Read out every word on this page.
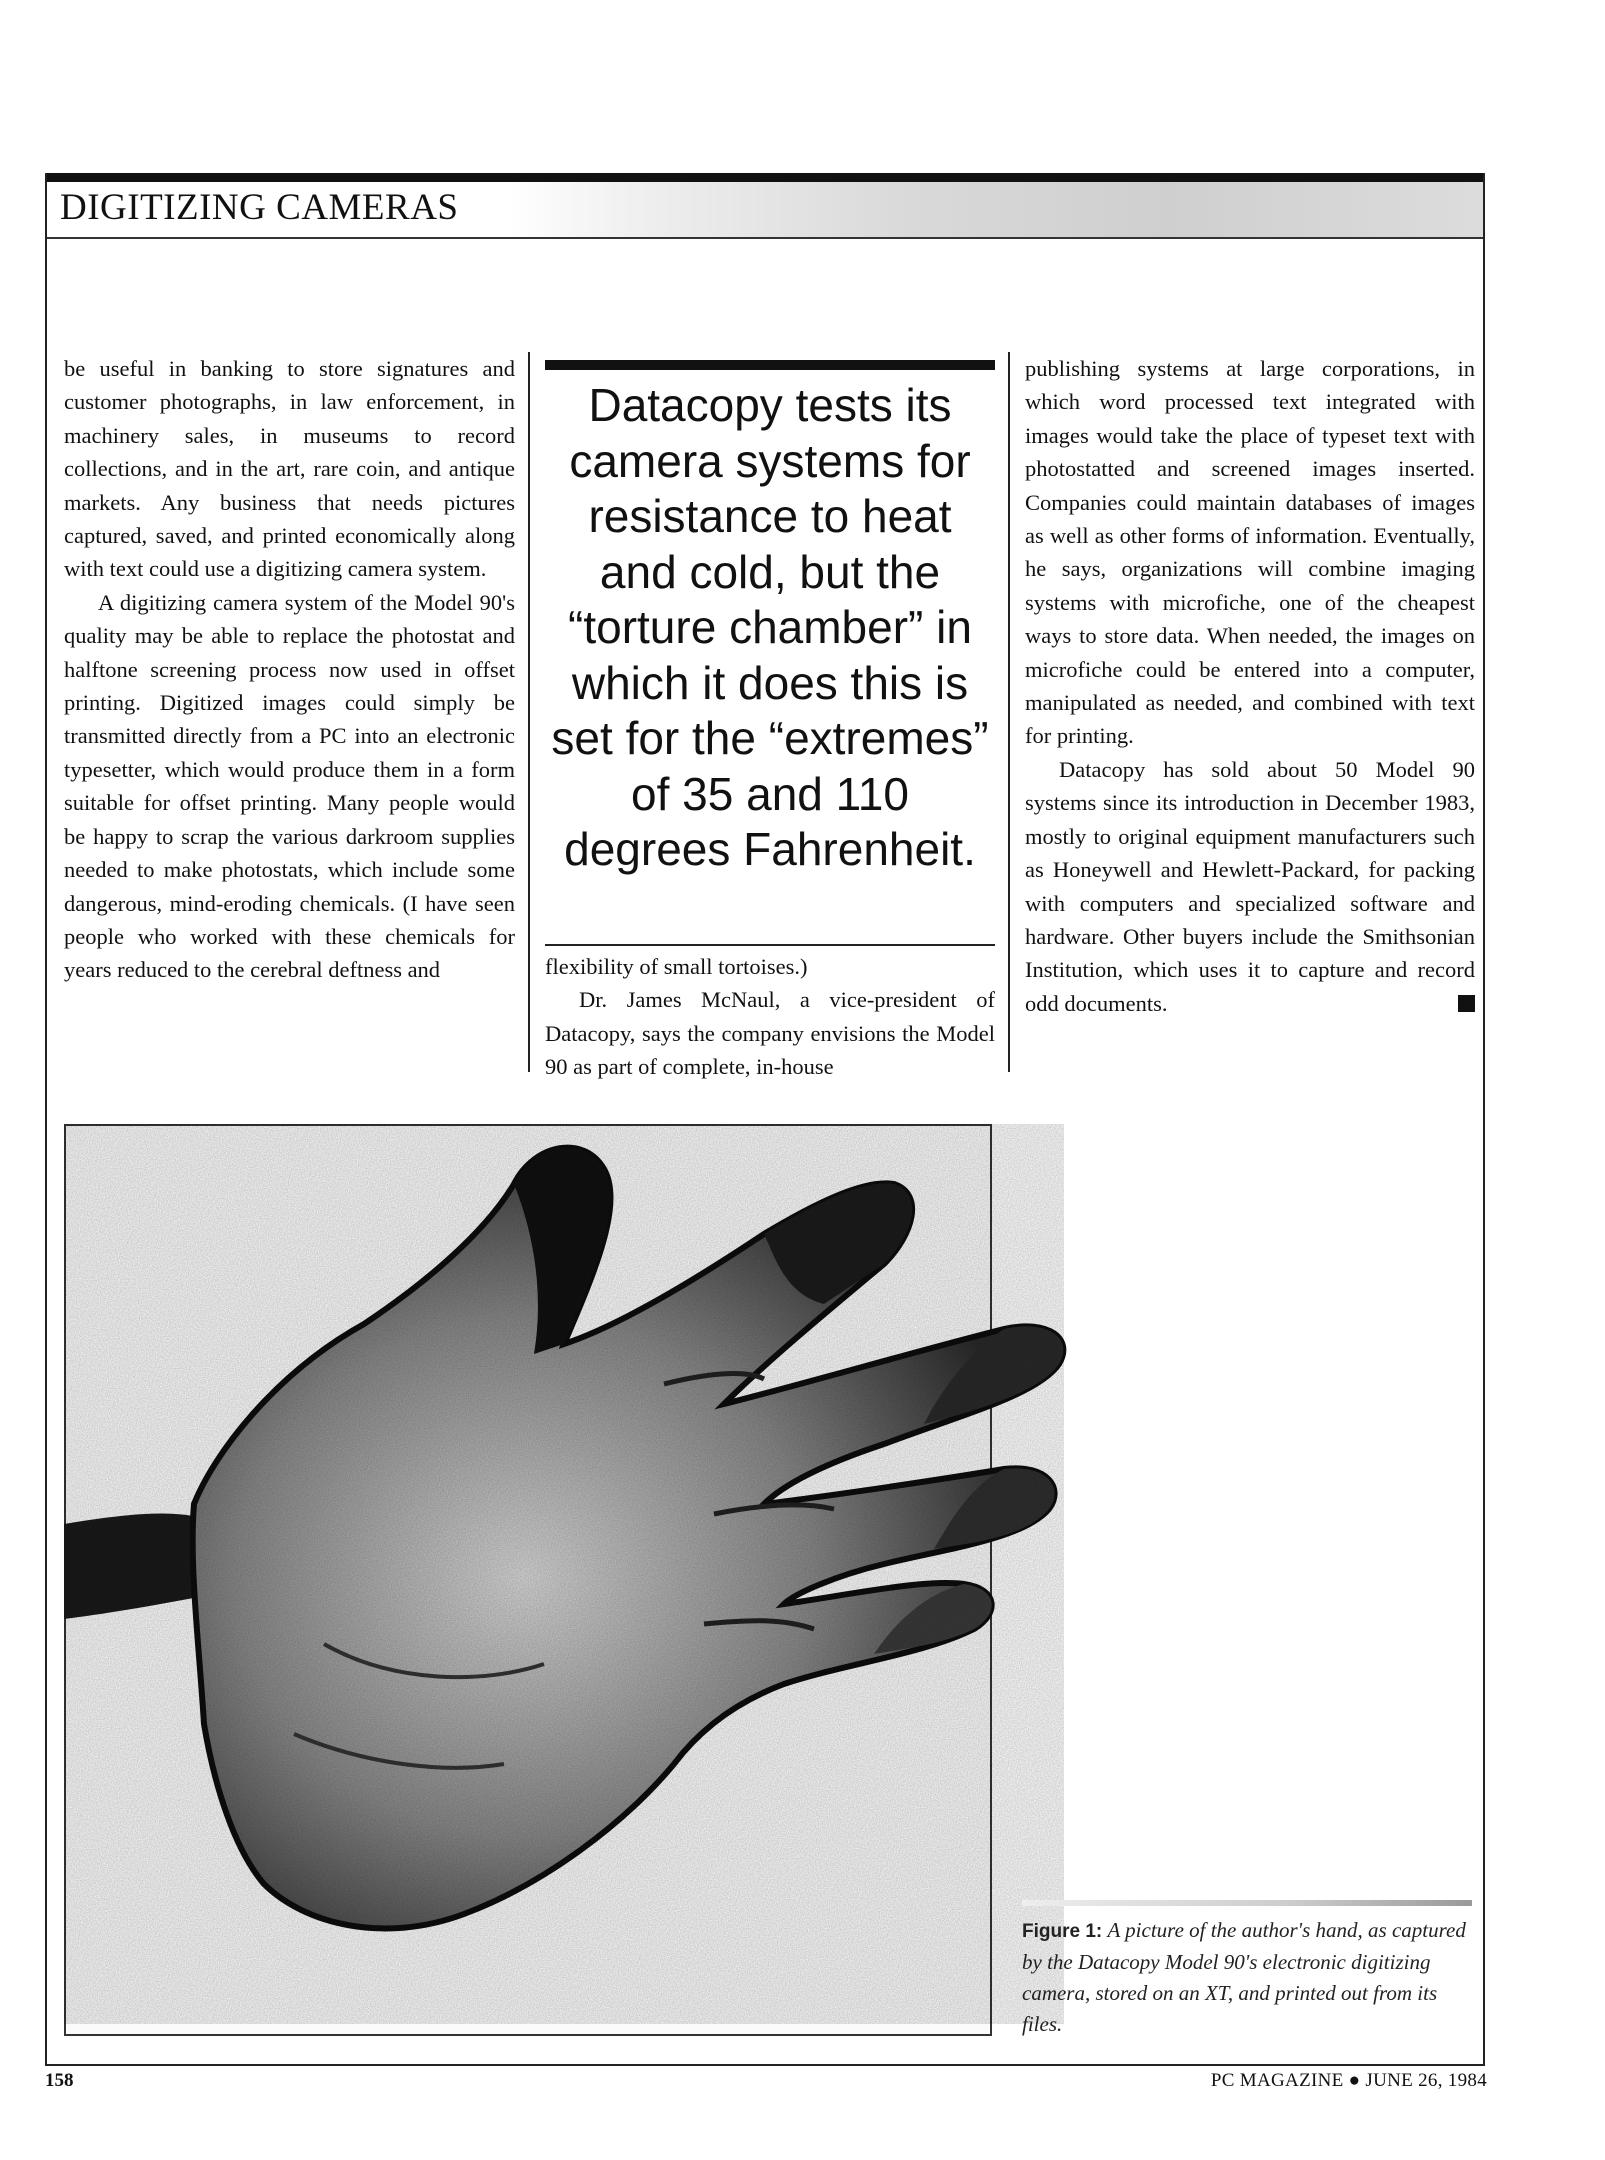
DIGITIZING CAMERAS

be useful in banking to store signatures and customer photographs, in law enforcement, in machinery sales, in museums to record collections, and in the art, rare coin, and antique markets. Any business that needs pictures captured, saved, and printed economically along with text could use a digitizing camera system.

A digitizing camera system of the Model 90's quality may be able to replace the photostat and halftone screening process now used in offset printing. Digitized images could simply be transmitted directly from a PC into an electronic typesetter, which would produce them in a form suitable for offset printing. Many people would be happy to scrap the various darkroom supplies needed to make photostats, which include some dangerous, mind-eroding chemicals. (I have seen people who worked with these chemicals for years reduced to the cerebral deftness and

Datacopy tests its camera systems for resistance to heat and cold, but the “torture chamber” in which it does this is set for the “extremes” of 35 and 110 degrees Fahrenheit.

flexibility of small tortoises.)

Dr. James McNaul, a vice-president of Datacopy, says the company envisions the Model 90 as part of complete, in-house

publishing systems at large corporations, in which word processed text integrated with images would take the place of typeset text with photostatted and screened images inserted. Companies could maintain databases of images as well as other forms of information. Eventually, he says, organizations will combine imaging systems with microfiche, one of the cheapest ways to store data. When needed, the images on microfiche could be entered into a computer, manipulated as needed, and combined with text for printing.

Datacopy has sold about 50 Model 90 systems since its introduction in December 1983, mostly to original equipment manufacturers such as Honeywell and Hewlett-Packard, for packing with computers and specialized software and hardware. Other buyers include the Smithsonian Institution, which uses it to capture and record odd documents.

Figure 1: A picture of the author's hand, as captured by the Datacopy Model 90's electronic digitizing camera, stored on an XT, and printed out from its files.
158	PC MAGAZINE ● JUNE 26, 1984
